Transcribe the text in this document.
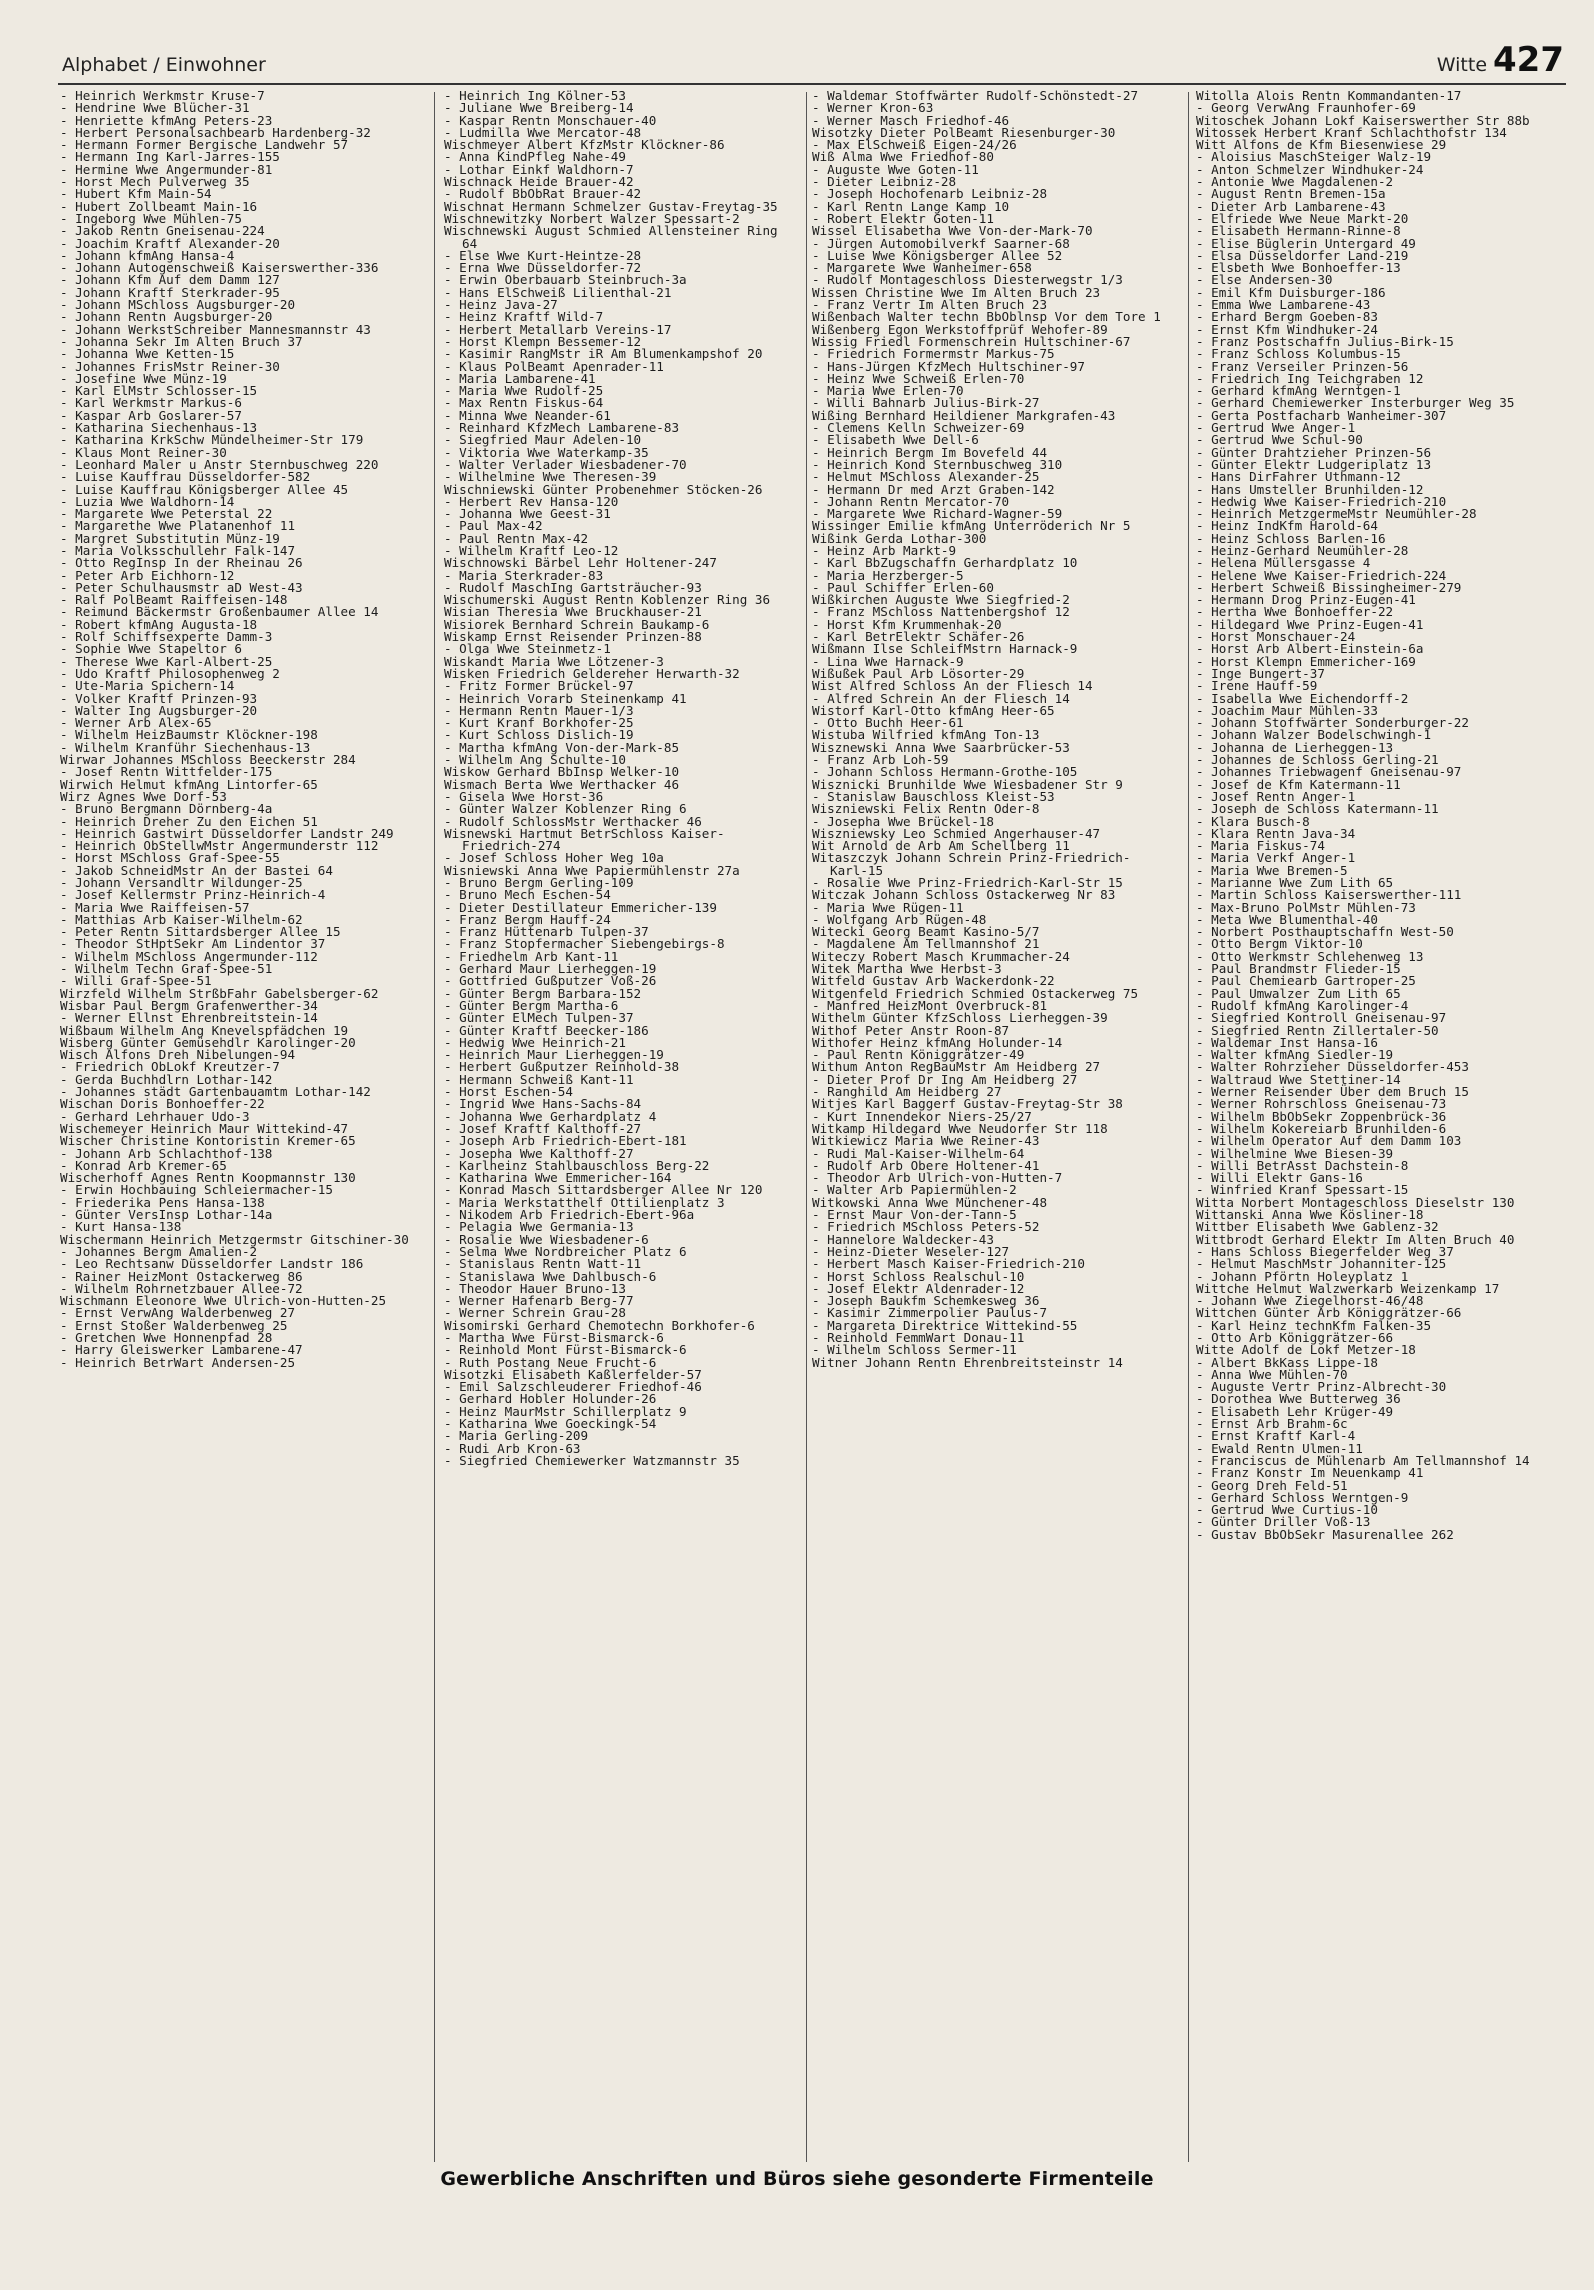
Alphabet / Einwohner	Witte 427
- Heinrich Werkmstr Kruse-7
- Hendrine Wwe Blücher-31
- Henriette kfmAng Peters-23
- Herbert Personalsachbearb Hardenberg-32
- Hermann Former Bergische Landwehr 57
- Hermann Ing Karl-Jarres-155
- Hermine Wwe Angermunder-81
- Horst Mech Pulverweg 35
- Hubert Kfm Main-54
- Hubert Zollbeamt Main-16
- Ingeborg Wwe Mühlen-75
- Jakob Rentn Gneisenau-224
- Joachim Kraftf Alexander-20
- Johann kfmAng Hansa-4
- Johann Autogenschweiß Kaiserswerther-336
- Johann Kfm Auf dem Damm 127
- Johann Kraftf Sterkrader-95
- Johann MSchloss Augsburger-20
- Johann Rentn Augsburger-20
- Johann WerkstSchreiber Mannesmannstr 43
- Johanna Sekr Im Alten Bruch 37
- Johanna Wwe Ketten-15
- Johannes FrisMstr Reiner-30
- Josefine Wwe Münz-19
- Karl ElMstr Schlosser-15
- Karl Werkmstr Markus-6
- Kaspar Arb Goslarer-57
- Katharina Siechenhaus-13
- Katharina KrkSchw Mündelheimer-Str 179
- Klaus Mont Reiner-30
- Leonhard Maler u Anstr Sternbuschweg 220
- Luise Kauffrau Düsseldorfer-582
- Luise Kauffrau Königsberger Allee 45
- Luzia Wwe Waldhorn-14
- Margarete Wwe Peterstal 22
- Margarethe Wwe Platanenhof 11
- Margret Substitutin Münz-19
- Maria Volksschullehr Falk-147
- Otto RegInsp In der Rheinau 26
- Peter Arb Eichhorn-12
- Peter Schulhausmstr aD West-43
- Ralf PolBeamt Raiffeisen-148
- Reimund Bäckermstr Großenbaumer Allee 14
- Robert kfmAng Augusta-18
- Rolf Schiffsexperte Damm-3
- Sophie Wwe Stapeltor 6
- Therese Wwe Karl-Albert-25
- Udo Kraftf Philosophenweg 2
- Ute-Maria Spichern-14
- Volker Kraftf Prinzen-93
- Walter Ing Augsburger-20
- Werner Arb Alex-65
- Wilhelm HeizBaumstr Klöckner-198
- Wilhelm Kranführ Siechenhaus-13
Wirwar Johannes MSchloss Beeckerstr 284
- Josef Rentn Wittfelder-175
Wirwich Helmut kfmAng Lintorfer-65
Wirz Agnes Wwe Dorf-53
- Bruno Bergmann Dörnberg-4a
- Heinrich Dreher Zu den Eichen 51
- Heinrich Gastwirt Düsseldorfer Landstr 249
- Heinrich ObStellwMstr Angermunderstr 112
- Horst MSchloss Graf-Spee-55
- Jakob SchneidMstr An der Bastei 64
- Johann Versandltr Wildunger-25
- Josef Kellermstr Prinz-Heinrich-4
- Maria Wwe Raiffeisen-57
- Matthias Arb Kaiser-Wilhelm-62
- Peter Rentn Sittardsberger Allee 15
- Theodor StHptSekr Am Lindentor 37
- Wilhelm MSchloss Angermunder-112
- Wilhelm Techn Graf-Spee-51
- Willi Graf-Spee-51
Wirzfeld Wilhelm StrßbFahr Gabelsberger-62
Wisbar Paul Bergm Grafenwerther-34
- Werner Ellnst Ehrenbreitstein-14
Wißbaum Wilhelm Ang Knevelspfädchen 19
Wisberg Günter Gemüsehdlr Karolinger-20
Wisch Alfons Dreh Nibelungen-94
- Friedrich ObLokf Kreutzer-7
- Gerda Buchhdlrn Lothar-142
- Johannes städt Gartenbauamtm Lothar-142
Wischan Doris Bonhoeffer-22
- Gerhard Lehrhauer Udo-3
Wischemeyer Heinrich Maur Wittekind-47
Wischer Christine Kontoristin Kremer-65
- Johann Arb Schlachthof-138
- Konrad Arb Kremer-65
Wischerhoff Agnes Rentn Koopmannstr 130
- Erwin Hochbauing Schleiermacher-15
- Friederika Pens Hansa-138
- Günter VersInsp Lothar-14a
- Kurt Hansa-138
Wischermann Heinrich Metzgermstr Gitschiner-30
- Johannes Bergm Amalien-2
- Leo Rechtsanw Düsseldorfer Landstr 186
- Rainer HeizMont Ostackerweg 86
- Wilhelm Rohrnetzbauer Allee-72
Wischmann Eleonore Wwe Ulrich-von-Hutten-25
- Ernst VerwAng Walderbenweg 27
- Ernst Stoßer Walderbenweg 25
- Gretchen Wwe Honnenpfad 28
- Harry Gleiswerker Lambarene-47
- Heinrich BetrWart Andersen-25
- Heinrich Ing Kölner-53
- Juliane Wwe Breiberg-14
- Kaspar Rentn Monschauer-40
- Ludmilla Wwe Mercator-48
Wischmeyer Albert KfzMstr Klöckner-86
- Anna KindPfleg Nahe-49
- Lothar Einkf Waldhorn-7
Wischnack Heide Brauer-42
- Rudolf BbObRat Brauer-42
Wischnat Hermann Schmelzer Gustav-Freytag-35
Wischnewitzky Norbert Walzer Spessart-2
Wischnewski August Schmied Allensteiner Ring 64
- Else Wwe Kurt-Heintze-28
- Erna Wwe Düsseldorfer-72
- Erwin Oberbauarb Steinbruch-3a
- Hans ElSchweiß Lilienthal-21
- Heinz Java-27
- Heinz Kraftf Wild-7
- Herbert Metallarb Vereins-17
- Horst Klempn Bessemer-12
- Kasimir RangMstr iR Am Blumenkampshof 20
- Klaus PolBeamt Apenrader-11
- Maria Lambarene-41
- Maria Wwe Rudolf-25
- Max Rentn Fiskus-64
- Minna Wwe Neander-61
- Reinhard KfzMech Lambarene-83
- Siegfried Maur Adelen-10
- Viktoria Wwe Waterkamp-35
- Walter Verlader Wiesbadener-70
- Wilhelmine Wwe Theresen-39
Wischniewski Günter Probenehmer Stöcken-26
- Herbert Rev Hansa-120
- Johanna Wwe Geest-31
- Paul Max-42
- Paul Rentn Max-42
- Wilhelm Kraftf Leo-12
Wischnowski Bärbel Lehr Holtener-247
- Maria Sterkrader-83
- Rudolf MaschIng Gartsträucher-93
Wischumerski August Rentn Koblenzer Ring 36
Wisian Theresia Wwe Bruckhauser-21
Wisiorek Bernhard Schrein Baukamp-6
Wiskamp Ernst Reisender Prinzen-88
- Olga Wwe Steinmetz-1
Wiskandt Maria Wwe Lötzener-3
Wisken Friedrich Geldereher Herwarth-32
- Fritz Former Brückel-97
- Heinrich Vorarb Steinenkamp 41
- Hermann Rentn Mauer-1/3
- Kurt Kranf Borkhofer-25
- Kurt Schloss Dislich-19
- Martha kfmAng Von-der-Mark-85
- Wilhelm Ang Schulte-10
Wiskow Gerhard BbInsp Welker-10
Wismach Berta Wwe Werthacker 46
- Gisela Wwe Horst-36
- Günter Walzer Koblenzer Ring 6
- Rudolf SchlossMstr Werthacker 46
Wisnewski Hartmut BetrSchloss Kaiser-Friedrich-274
- Josef Schloss Hoher Weg 10a
Wisniewski Anna Wwe Papiermühlenstr 27a
- Bruno Bergm Gerling-109
- Bruno Mech Eschen-54
- Dieter Destillateur Emmericher-139
- Franz Bergm Hauff-24
- Franz Hüttenarb Tulpen-37
- Franz Stopfermacher Siebengebirgs-8
- Friedhelm Arb Kant-11
- Gerhard Maur Lierheggen-19
- Gottfried Gußputzer Voß-26
- Günter Bergm Barbara-152
- Günter Bergm Martha-6
- Günter ElMech Tulpen-37
- Günter Kraftf Beecker-186
- Hedwig Wwe Heinrich-21
- Heinrich Maur Lierheggen-19
- Herbert Gußputzer Reinhold-38
- Hermann Schweiß Kant-11
- Horst Eschen-54
- Ingrid Wwe Hans-Sachs-84
- Johanna Wwe Gerhardplatz 4
- Josef Kraftf Kalthoff-27
- Joseph Arb Friedrich-Ebert-181
- Josepha Wwe Kalthoff-27
- Karlheinz Stahlbauschloss Berg-22
- Katharina Wwe Emmericher-164
- Konrad Masch Sittardsberger Allee Nr 120
- Maria Werkstatthelf Ottilienplatz 3
- Nikodem Arb Friedrich-Ebert-96a
- Pelagia Wwe Germania-13
- Rosalie Wwe Wiesbadener-6
- Selma Wwe Nordbreicher Platz 6
- Stanislaus Rentn Watt-11
- Stanislawa Wwe Dahlbusch-6
- Theodor Hauer Bruno-13
- Werner Hafenarb Berg-77
- Werner Schrein Grau-28
Wisomirski Gerhard Chemotechn Borkhofer-6
- Martha Wwe Fürst-Bismarck-6
- Reinhold Mont Fürst-Bismarck-6
- Ruth Postang Neue Frucht-6
Wisotzki Elisabeth Kaßlerfelder-57
- Emil Salzschleuderer Friedhof-46
- Gerhard Hobler Holunder-26
- Heinz MaurMstr Schillerplatz 9
- Katharina Wwe Goeckingk-54
- Maria Gerling-209
- Rudi Arb Kron-63
- Siegfried Chemiewerker Watzmannstr 35
- Waldemar Stoffwärter Rudolf-Schönstedt-27
- Werner Kron-63
- Werner Masch Friedhof-46
Wisotzky Dieter PolBeamt Riesenburger-30
- Max ElSchweiß Eigen-24/26
Wiß Alma Wwe Friedhof-80
- Auguste Wwe Goten-11
- Dieter Leibniz-28
- Joseph Hochofenarb Leibniz-28
- Karl Rentn Lange Kamp 10
- Robert Elektr Goten-11
Wissel Elisabetha Wwe Von-der-Mark-70
- Jürgen Automobilverkf Saarner-68
- Luise Wwe Königsberger Allee 52
- Margarete Wwe Wanheimer-658
- Rudolf Montageschloss Diesterwegstr 1/3
Wissen Christine Wwe Im Alten Bruch 23
- Franz Vertr Im Alten Bruch 23
Wißenbach Walter techn BbOblnsp Vor dem Tore 1
Wißenberg Egon Werkstoffprüf Wehofer-89
Wissig Friedl Formenschrein Hultschiner-67
- Friedrich Formermstr Markus-75
- Hans-Jürgen KfzMech Hultschiner-97
- Heinz Wwe Schweiß Erlen-70
- Maria Wwe Erlen-70
- Willi Bahnarb Julius-Birk-27
Wißing Bernhard Heildiener Markgrafen-43
- Clemens Kelln Schweizer-69
- Elisabeth Wwe Dell-6
- Heinrich Bergm Im Bovefeld 44
- Heinrich Kond Sternbuschweg 310
- Helmut MSchloss Alexander-25
- Hermann Dr med Arzt Graben-142
- Johann Rentn Mercator-70
- Margarete Wwe Richard-Wagner-59
Wissinger Emilie kfmAng Unterröderich Nr 5
Wißink Gerda Lothar-300
- Heinz Arb Markt-9
- Karl BbZugschaffn Gerhardplatz 10
- Maria Herzberger-5
- Paul Schiffer Erlen-60
Wißkirchen Auguste Wwe Siegfried-2
- Franz MSchloss Nattenbergshof 12
- Horst Kfm Krummenhak-20
- Karl BetrElektr Schäfer-26
Wißmann Ilse SchleifMstrn Harnack-9
- Lina Wwe Harnack-9
Wißußek Paul Arb Lösorter-29
Wist Alfred Schloss An der Fliesch 14
- Alfred Schrein An der Fliesch 14
Wistorf Karl-Otto kfmAng Heer-65
- Otto Buchh Heer-61
Wistuba Wilfried kfmAng Ton-13
Wisznewski Anna Wwe Saarbrücker-53
- Franz Arb Loh-59
- Johann Schloss Hermann-Grothe-105
Wisznicki Brunhilde Wwe Wiesbadener Str 9
- Stanislaw Bauschloss Kleist-53
Wiszniewski Felix Rentn Oder-8
- Josepha Wwe Brückel-18
Wiszniewsky Leo Schmied Angerhauser-47
Wit Arnold de Arb Am Schellberg 11
Witaszczyk Johann Schrein Prinz-Friedrich-Karl-15
- Rosalie Wwe Prinz-Friedrich-Karl-Str 15
Witczak Johann Schloss Ostackerweg Nr 83
- Maria Wwe Rügen-11
- Wolfgang Arb Rügen-48
Witecki Georg Beamt Kasino-5/7
- Magdalene Am Tellmannshof 21
Witeczy Robert Masch Krummacher-24
Witek Martha Wwe Herbst-3
Witfeld Gustav Arb Wackerdonk-22
Witgenfeld Friedrich Schmied Ostackerweg 75
- Manfred HeizMont Overbruck-81
Withelm Günter KfzSchloss Lierheggen-39
Withof Peter Anstr Roon-87
Withofer Heinz kfmAng Holunder-14
- Paul Rentn Königgrätzer-49
Withum Anton RegBauMstr Am Heidberg 27
- Dieter Prof Dr Ing Am Heidberg 27
- Ranghild Am Heidberg 27
Witjes Karl Baggerf Gustav-Freytag-Str 38
- Kurt Innendekor Niers-25/27
Witkamp Hildegard Wwe Neudorfer Str 118
Witkiewicz Maria Wwe Reiner-43
- Rudi Mal-Kaiser-Wilhelm-64
- Rudolf Arb Obere Holtener-41
- Theodor Arb Ulrich-von-Hutten-7
- Walter Arb Papiermühlen-2
Witkowski Anna Wwe Münchener-48
- Ernst Maur Von-der-Tann-5
- Friedrich MSchloss Peters-52
- Hannelore Waldecker-43
- Heinz-Dieter Weseler-127
- Herbert Masch Kaiser-Friedrich-210
- Horst Schloss Realschul-10
- Josef Elektr Aldenrader-12
- Joseph Baukfm Schemkesweg 36
- Kasimir Zimmerpolier Paulus-7
- Margareta Direktrice Wittekind-55
- Reinhold FemmWart Donau-11
- Wilhelm Schloss Sermer-11
Witner Johann Rentn Ehrenbreitsteinstr 14
Witolla Alois Rentn Kommandanten-17
- Georg VerwAng Fraunhofer-69
Witoschek Johann Lokf Kaiserswerther Str 88b
Witossek Herbert Kranf Schlachthofstr 134
Witt Alfons de Kfm Biesenwiese 29
- Aloisius MaschSteiger Walz-19
- Anton Schmelzer Windhuker-24
- Antonie Wwe Magdalenen-2
- August Rentn Bremen-15a
- Dieter Arb Lambarene-43
- Elfriede Wwe Neue Markt-20
- Elisabeth Hermann-Rinne-8
- Elise Büglerin Untergard 49
- Elsa Düsseldorfer Land-219
- Elsbeth Wwe Bonhoeffer-13
- Else Andersen-30
- Emil Kfm Duisburger-186
- Emma Wwe Lambarene-43
- Erhard Bergm Goeben-83
- Ernst Kfm Windhuker-24
- Franz Postschaffn Julius-Birk-15
- Franz Schloss Kolumbus-15
- Franz Verseiler Prinzen-56
- Friedrich Ing Teichgraben 12
- Gerhard kfmAng Werntgen-1
- Gerhard Chemiewerker Insterburger Weg 35
- Gerta Postfacharb Wanheimer-307
- Gertrud Wwe Anger-1
- Gertrud Wwe Schul-90
- Günter Drahtzieher Prinzen-56
- Günter Elektr Ludgeriplatz 13
- Hans DirFahrer Uthmann-12
- Hans Umsteller Brunhilden-12
- Hedwig Wwe Kaiser-Friedrich-210
- Heinrich MetzgermeMstr Neumühler-28
- Heinz IndKfm Harold-64
- Heinz Schloss Barlen-16
- Heinz-Gerhard Neumühler-28
- Helena Müllersgasse 4
- Helene Wwe Kaiser-Friedrich-224
- Herbert Schweiß Bissingheimer-279
- Hermann Drog Prinz-Eugen-41
- Hertha Wwe Bonhoeffer-22
- Hildegard Wwe Prinz-Eugen-41
- Horst Monschauer-24
- Horst Arb Albert-Einstein-6a
- Horst Klempn Emmericher-169
- Inge Bungert-37
- Irene Hauff-59
- Isabella Wwe Eichendorff-2
- Joachim Maur Mühlen-33
- Johann Stoffwärter Sonderburger-22
- Johann Walzer Bodelschwingh-1
- Johanna de Lierheggen-13
- Johannes de Schloss Gerling-21
- Johannes Triebwagenf Gneisenau-97
- Josef de Kfm Katermann-11
- Josef Rentn Anger-1
- Joseph de Schloss Katermann-11
- Klara Busch-8
- Klara Rentn Java-34
- Maria Fiskus-74
- Maria Verkf Anger-1
- Maria Wwe Bremen-5
- Marianne Wwe Zum Lith 65
- Martin Schloss Kaiserswerther-111
- Max-Bruno PolMstr Mühlen-73
- Meta Wwe Blumenthal-40
- Norbert Posthauptschaffn West-50
- Otto Bergm Viktor-10
- Otto Werkmstr Schlehenweg 13
- Paul Brandmstr Flieder-15
- Paul Chemiearb Gartroper-25
- Paul Umwalzer Zum Lith 65
- Rudolf kfmAng Karolinger-4
- Siegfried Kontroll Gneisenau-97
- Siegfried Rentn Zillertaler-50
- Waldemar Inst Hansa-16
- Walter kfmAng Siedler-19
- Walter Rohrzieher Düsseldorfer-453
- Waltraud Wwe Stettiner-14
- Werner Reisender Über dem Bruch 15
- Werner Rohrschloss Gneisenau-73
- Wilhelm BbObSekr Zoppenbrück-36
- Wilhelm Kokereiarb Brunhilden-6
- Wilhelm Operator Auf dem Damm 103
- Wilhelmine Wwe Biesen-39
- Willi BetrAsst Dachstein-8
- Willi Elektr Gans-16
- Winfried Kranf Spessart-15
Witta Norbert Montageschloss Dieselstr 130
Wittanski Anna Wwe Kösliner-18
Wittber Elisabeth Wwe Gablenz-32
Wittbrodt Gerhard Elektr Im Alten Bruch 40
- Hans Schloss Biegerfelder Weg 37
- Helmut MaschMstr Johanniter-125
- Johann Pförtn Holeyplatz 1
Wittche Helmut Walzwerkarb Weizenkamp 17
- Johann Wwe Ziegelhorst-46/48
Wittchen Günter Arb Königgrätzer-66
- Karl Heinz technKfm Falken-35
- Otto Arb Königgrätzer-66
Witte Adolf de Lokf Metzer-18
- Albert BkKass Lippe-18
- Anna Wwe Mühlen-70
- Auguste Vertr Prinz-Albrecht-30
- Dorothea Wwe Butterweg 36
- Elisabeth Lehr Krüger-49
- Ernst Arb Brahm-6c
- Ernst Kraftf Karl-4
- Ewald Rentn Ulmen-11
- Franciscus de Mühlenarb Am Tellmannshof 14
- Franz Konstr Im Neuenkamp 41
- Georg Dreh Feld-51
- Gerhard Schloss Werntgen-9
- Gertrud Wwe Curtius-10
- Günter Driller Voß-13
- Gustav BbObSekr Masurenallee 262
Gewerbliche Anschriften und Büros siehe gesonderte Firmenteile
